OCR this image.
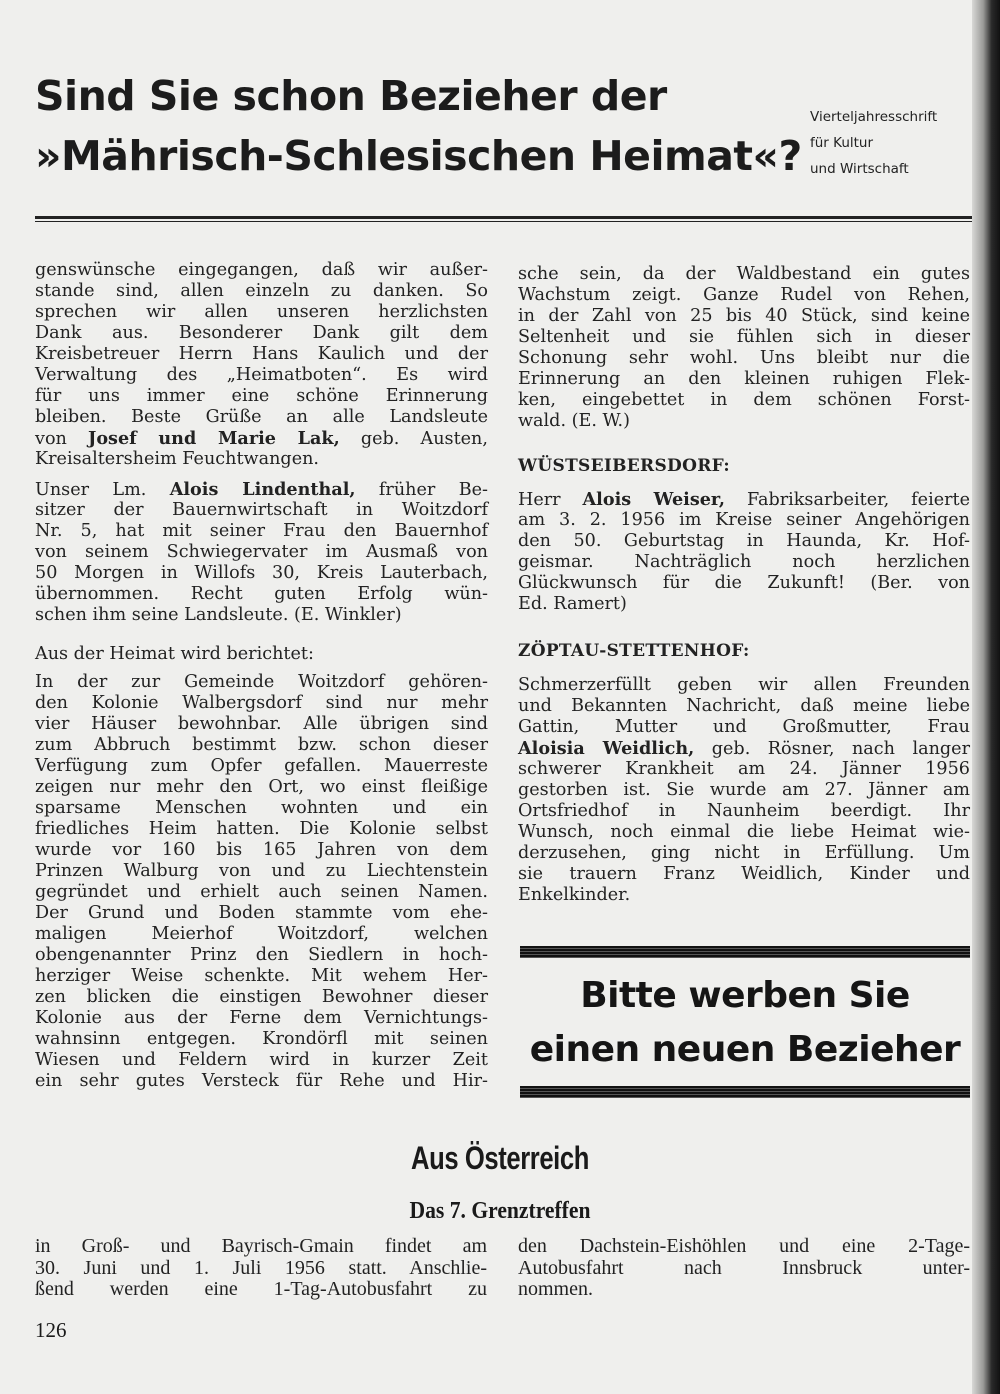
Sind Sie schon Bezieher der
»Mährisch-Schlesischen Heimat«?
Vierteljahresschrift
für Kultur
und Wirtschaft
genswünsche eingegangen, daß wir außer-
stande sind, allen einzeln zu danken. So
sprechen wir allen unseren herzlichsten
Dank aus. Besonderer Dank gilt dem
Kreisbetreuer Herrn Hans Kaulich und der
Verwaltung des „Heimatboten“. Es wird
für uns immer eine schöne Erinnerung
bleiben. Beste Grüße an alle Landsleute
von Josef und Marie Lak, geb. Austen,
Kreisaltersheim Feuchtwangen.
Unser Lm. Alois Lindenthal, früher Be-
sitzer der Bauernwirtschaft in Woitzdorf
Nr. 5, hat mit seiner Frau den Bauernhof
von seinem Schwiegervater im Ausmaß von
50 Morgen in Willofs 30, Kreis Lauterbach,
übernommen. Recht guten Erfolg wün-
schen ihm seine Landsleute. (E. Winkler)
Aus der Heimat wird berichtet:
In der zur Gemeinde Woitzdorf gehören-
den Kolonie Walbergsdorf sind nur mehr
vier Häuser bewohnbar. Alle übrigen sind
zum Abbruch bestimmt bzw. schon dieser
Verfügung zum Opfer gefallen. Mauerreste
zeigen nur mehr den Ort, wo einst fleißige
sparsame Menschen wohnten und ein
friedliches Heim hatten. Die Kolonie selbst
wurde vor 160 bis 165 Jahren von dem
Prinzen Walburg von und zu Liechtenstein
gegründet und erhielt auch seinen Namen.
Der Grund und Boden stammte vom ehe-
maligen Meierhof Woitzdorf, welchen
obengenannter Prinz den Siedlern in hoch-
herziger Weise schenkte. Mit wehem Her-
zen blicken die einstigen Bewohner dieser
Kolonie aus der Ferne dem Vernichtungs-
wahnsinn entgegen. Krondörfl mit seinen
Wiesen und Feldern wird in kurzer Zeit
ein sehr gutes Versteck für Rehe und Hir-
sche sein, da der Waldbestand ein gutes
Wachstum zeigt. Ganze Rudel von Rehen,
in der Zahl von 25 bis 40 Stück, sind keine
Seltenheit und sie fühlen sich in dieser
Schonung sehr wohl. Uns bleibt nur die
Erinnerung an den kleinen ruhigen Flek-
ken, eingebettet in dem schönen Forst-
wald. (E. W.)
WÜSTSEIBERSDORF:
Herr Alois Weiser, Fabriksarbeiter, feierte
am 3. 2. 1956 im Kreise seiner Angehörigen
den 50. Geburtstag in Haunda, Kr. Hof-
geismar. Nachträglich noch herzlichen
Glückwunsch für die Zukunft! (Ber. von
Ed. Ramert)
ZÖPTAU-STETTENHOF:
Schmerzerfüllt geben wir allen Freunden
und Bekannten Nachricht, daß meine liebe
Gattin, Mutter und Großmutter, Frau
Aloisia Weidlich, geb. Rösner, nach langer
schwerer Krankheit am 24. Jänner 1956
gestorben ist. Sie wurde am 27. Jänner am
Ortsfriedhof in Naunheim beerdigt. Ihr
Wunsch, noch einmal die liebe Heimat wie-
derzusehen, ging nicht in Erfüllung. Um
sie trauern Franz Weidlich, Kinder und
Enkelkinder.
Bitte werben Sie
einen neuen Bezieher
Aus Österreich
Das 7. Grenztreffen
in Groß- und Bayrisch-Gmain findet am
30. Juni und 1. Juli 1956 statt. Anschlie-
ßend werden eine 1-Tag-Autobusfahrt zu
den Dachstein-Eishöhlen und eine 2-Tage-
Autobusfahrt nach Innsbruck unter-
nommen.
126
